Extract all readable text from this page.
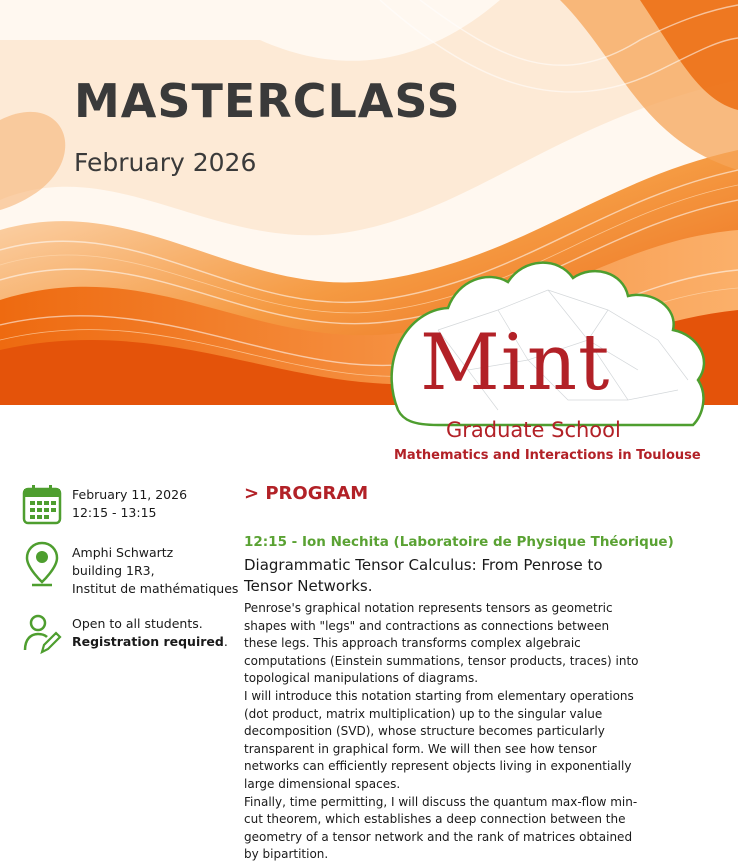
MASTERCLASS
February 2026
Mint
Graduate School
Mathematics and Interactions in Toulouse
February 11, 2026
12:15 - 13:15
Amphi Schwartz
building 1R3,
Institut de mathématiques
Open to all students.
Registration required.
> PROGRAM
12:15 - Ion Nechita (Laboratoire de Physique Théorique)
Diagrammatic Tensor Calculus: From Penrose to Tensor Networks.

Penrose's graphical notation represents tensors as geometric shapes with "legs" and contractions as connections between these legs. This approach transforms complex algebraic computations (Einstein summations, tensor products, traces) into topological manipulations of diagrams.

I will introduce this notation starting from elementary operations (dot product, matrix multiplication) up to the singular value decomposition (SVD), whose structure becomes particularly transparent in graphical form. We will then see how tensor networks can efficiently represent objects living in exponentially large dimensional spaces.

Finally, time permitting, I will discuss the quantum max-flow min-cut theorem, which establishes a deep connection between the geometry of a tensor network and the rank of matrices obtained by bipartition.
